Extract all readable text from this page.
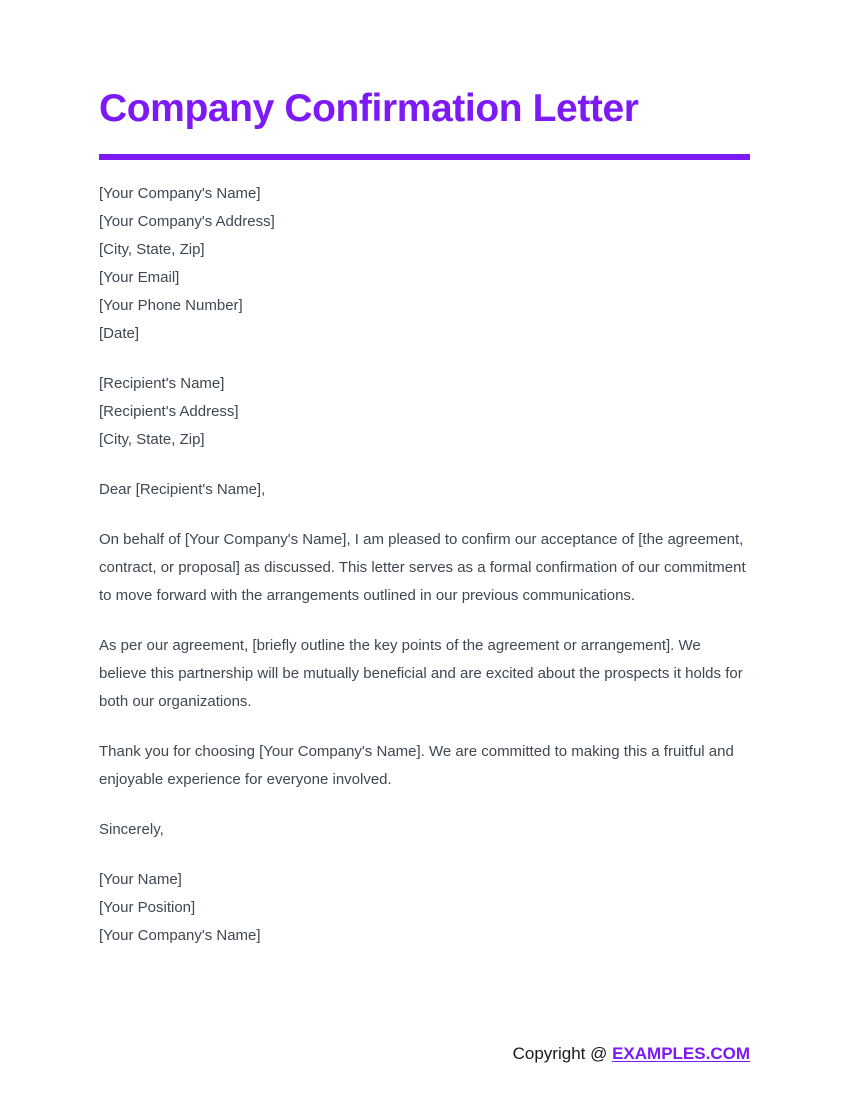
Company Confirmation Letter
[Your Company's Name]
[Your Company's Address]
[City, State, Zip]
[Your Email]
[Your Phone Number]
[Date]
[Recipient's Name]
[Recipient's Address]
[City, State, Zip]

Dear [Recipient's Name],

On behalf of [Your Company's Name], I am pleased to confirm our acceptance of [the agreement, contract, or proposal] as discussed. This letter serves as a formal confirmation of our commitment to move forward with the arrangements outlined in our previous communications.

As per our agreement, [briefly outline the key points of the agreement or arrangement]. We believe this partnership will be mutually beneficial and are excited about the prospects it holds for both our organizations.

Thank you for choosing [Your Company's Name]. We are committed to making this a fruitful and enjoyable experience for everyone involved.

Sincerely,

[Your Name]
[Your Position]
[Your Company's Name]
Copyright @ EXAMPLES.COM
